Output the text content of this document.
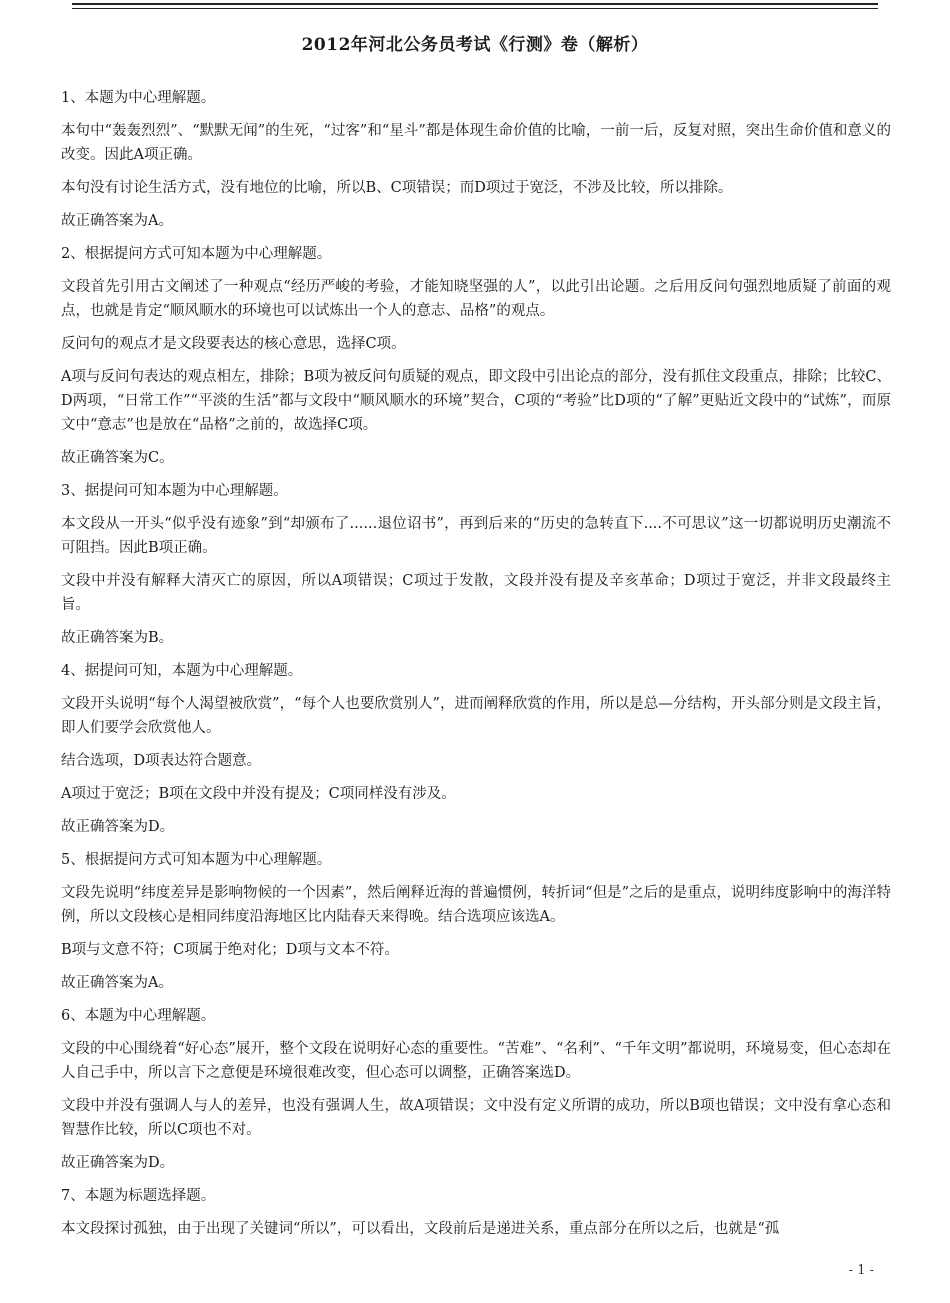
2012年河北公务员考试《行测》卷（解析）

1、本题为中心理解题。

本句中“轰轰烈烈”、“默默无闻”的生死，“过客”和“星斗”都是体现生命价值的比喻，一前一后，反复对照，突出生命价值和意义的改变。因此A项正确。

本句没有讨论生活方式，没有地位的比喻，所以B、C项错误；而D项过于宽泛，不涉及比较，所以排除。

故正确答案为A。

2、根据提问方式可知本题为中心理解题。

文段首先引用古文阐述了一种观点“经历严峻的考验，才能知晓坚强的人”，以此引出论题。之后用反问句强烈地质疑了前面的观点，也就是肯定“顺风顺水的环境也可以试炼出一个人的意志、品格”的观点。

反问句的观点才是文段要表达的核心意思，选择C项。

A项与反问句表达的观点相左，排除；B项为被反问句质疑的观点，即文段中引出论点的部分，没有抓住文段重点，排除；比较C、D两项，“日常工作”“平淡的生活”都与文段中“顺风顺水的环境”契合，C项的“考验”比D项的“了解”更贴近文段中的“试炼”，而原文中“意志”也是放在“品格”之前的，故选择C项。

故正确答案为C。

3、据提问可知本题为中心理解题。

本文段从一开头“似乎没有迹象”到“却颁布了......退位诏书”，再到后来的“历史的急转直下....不可思议”这一切都说明历史潮流不可阻挡。因此B项正确。

文段中并没有解释大清灭亡的原因，所以A项错误；C项过于发散，文段并没有提及辛亥革命；D项过于宽泛，并非文段最终主旨。

故正确答案为B。

4、据提问可知，本题为中心理解题。

文段开头说明“每个人渴望被欣赏”，“每个人也要欣赏别人”，进而阐释欣赏的作用，所以是总—分结构，开头部分则是文段主旨，即人们要学会欣赏他人。

结合选项，D项表达符合题意。

A项过于宽泛；B项在文段中并没有提及；C项同样没有涉及。

故正确答案为D。

5、根据提问方式可知本题为中心理解题。

文段先说明“纬度差异是影响物候的一个因素”，然后阐释近海的普遍惯例，转折词“但是”之后的是重点，说明纬度影响中的海洋特例，所以文段核心是相同纬度沿海地区比内陆春天来得晚。结合选项应该选A。

B项与文意不符；C项属于绝对化；D项与文本不符。

故正确答案为A。

6、本题为中心理解题。

文段的中心围绕着“好心态”展开，整个文段在说明好心态的重要性。“苦难”、“名利”、“千年文明”都说明，环境易变，但心态却在人自己手中，所以言下之意便是环境很难改变，但心态可以调整，正确答案选D。

文段中并没有强调人与人的差异，也没有强调人生，故A项错误；文中没有定义所谓的成功，所以B项也错误；文中没有拿心态和智慧作比较，所以C项也不对。

故正确答案为D。

7、本题为标题选择题。

本文段探讨孤独，由于出现了关键词“所以”，可以看出，文段前后是递进关系，重点部分在所以之后，也就是“孤

- 1 -
